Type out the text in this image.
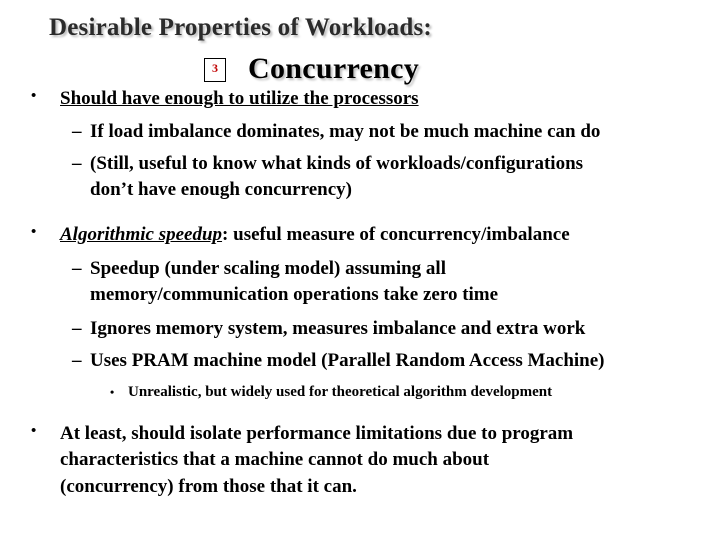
Desirable Properties of Workloads:
3 Concurrency
• Should have enough to utilize the processors
– If load imbalance dominates, may not be much machine can do
– (Still, useful to know what kinds of workloads/configurations
don’t have enough concurrency)
• Algorithmic speedup: useful measure of concurrency/imbalance
– Speedup (under scaling model) assuming all
memory/communication operations take zero time
– Ignores memory system, measures imbalance and extra work
– Uses PRAM machine model (Parallel Random Access Machine)
• Unrealistic, but widely used for theoretical algorithm development
• At least, should isolate performance limitations due to program
characteristics that a machine cannot do much about
(concurrency) from those that it can.
